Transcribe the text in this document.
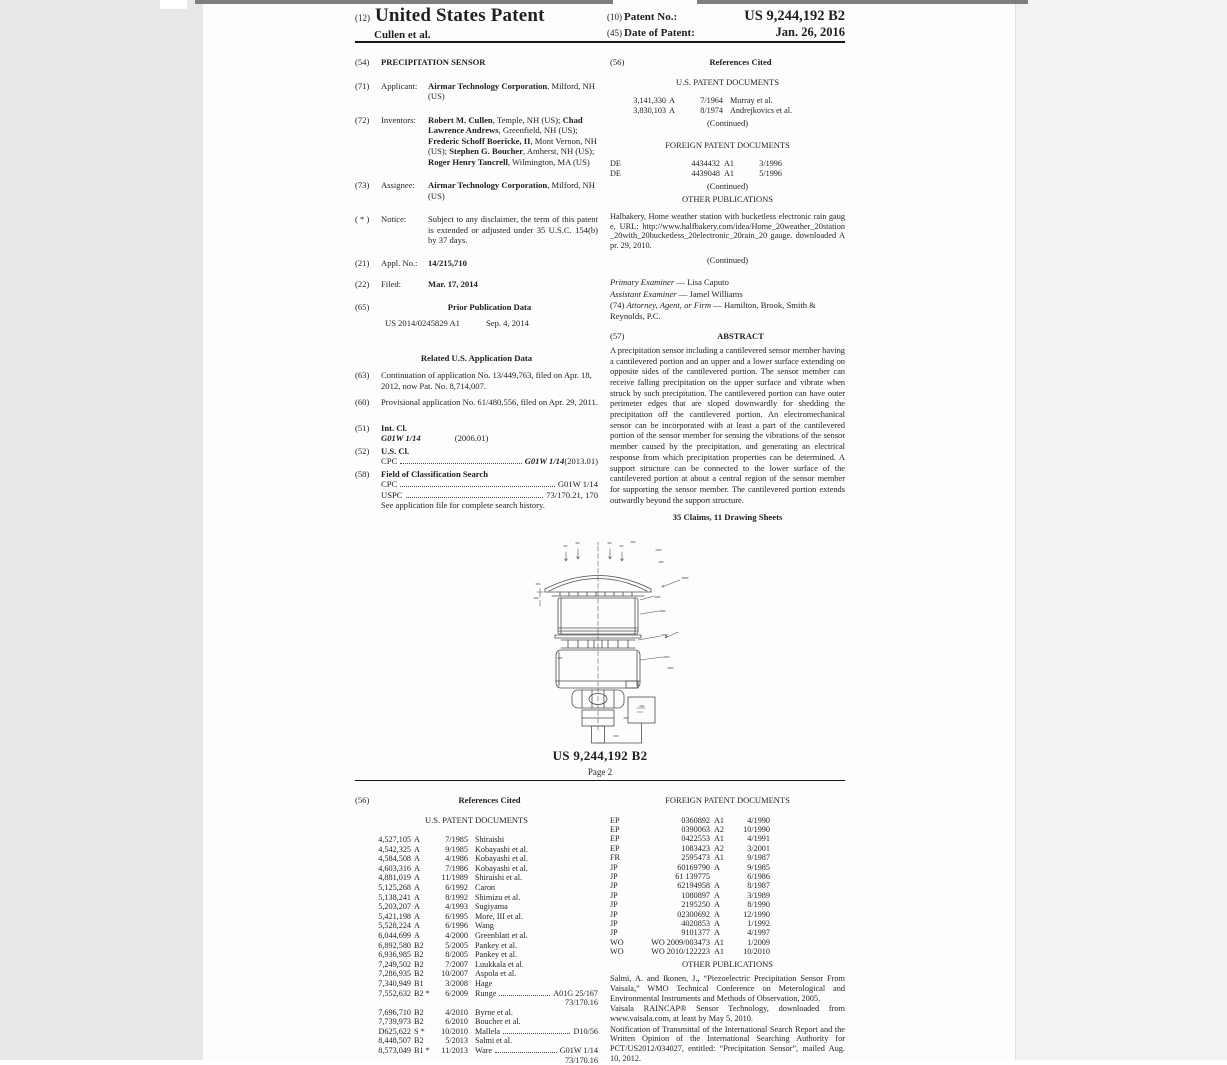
(12) United States Patent
Cullen et al.
(10) Patent No.:	US 9,244,192 B2
(45) Date of Patent:	Jan. 26, 2016
(54)	PRECIPITATION SENSOR
(71)	Applicant:	Airmar Technology Corporation, Milford, NH (US)
(72)	Inventors:	Robert M. Cullen, Temple, NH (US); Chad Lawrence Andrews, Greenfield, NH (US); Frederic Schoff Boericke, II, Mont Vernon, NH (US); Stephen G. Boucher, Amherst, NH (US); Roger Henry Tancrell, Wilmington, MA (US)
(73)	Assignee:	Airmar Technology Corporation, Milford, NH (US)
( * )	Notice:	Subject to any disclaimer, the term of this patent is extended or adjusted under 35 U.S.C. 154(b) by 37 days.
(21)	Appl. No.:	14/215,710
(22)	Filed:	Mar. 17, 2014
(65)	Prior Publication Data
US 2014/0245829 A1	Sep. 4, 2014
Related U.S. Application Data
(63)	Continuation of application No. 13/449,763, filed on Apr. 18, 2012, now Pat. No. 8,714,007.
(60)	Provisional application No. 61/480,556, filed on Apr. 29, 2011.
(51)	Int. Cl.
G01W 1/14	(2006.01)
(52)	U.S. Cl.
CPC	G01W 1/14 (2013.01)
(58)	Field of Classification Search
CPC	G01W 1/14
USPC	73/170.21, 170
See application file for complete search history.
(56)	References Cited
U.S. PATENT DOCUMENTS
3,141,330 A	7/1964 Murray et al.
3,830,103 A	8/1974 Andrejkovics et al.
(Continued)
FOREIGN PATENT DOCUMENTS
DE	4434432 A1	3/1996
DE	4439048 A1	5/1996
(Continued)
OTHER PUBLICATIONS
Halbakery, Home weather station with bucketless electronic rain gauge, URL: http://www.halfbakery.com/idea/Home_20weather_20station_20with_20bucketless_20electronic_20rain_20 gauge. downloaded Apr. 29, 2010.
(Continued)
Primary Examiner — Lisa Caputo
Assistant Examiner — Jamel Williams
(74) Attorney, Agent, or Firm — Hamilton, Brook, Smith & Reynolds, P.C.
(57)	ABSTRACT
A precipitation sensor including a cantilevered sensor member having a cantilevered portion and an upper and a lower surface extending on opposite sides of the cantilevered portion. The sensor member can receive falling precipitation on the upper surface and vibrate when struck by such precipitation. The cantilevered portion can have outer perimeter edges that are sloped downwardly for shedding the precipitation off the cantilevered portion. An electromechanical sensor can be incorporated with at least a part of the cantilevered portion of the sensor member for sensing the vibrations of the sensor member caused by the precipitation, and generating an electrical response from which precipitation properties can be determined. A support structure can be connected to the lower surface of the cantilevered portion at about a central region of the sensor member for supporting the sensor member. The cantilevered portion extends outwardly beyond the support structure.
35 Claims, 11 Drawing Sheets
US 9,244,192 B2
Page 2
(56)	References Cited
U.S. PATENT DOCUMENTS
4,527,105 A	7/1985 Shiraishi
4,542,325 A	9/1985 Kobayashi et al.
4,584,508 A	4/1986 Kobayashi et al.
4,603,316 A	7/1986 Kobayashi et al.
4,881,019 A	11/1989 Shiraishi et al.
5,125,268 A	6/1992 Caron
5,138,241 A	8/1992 Shimizu et al.
5,203,207 A	4/1993 Sugiyama
5,421,198 A	6/1995 More, III et al.
5,528,224 A	6/1996 Wang
6,044,699 A	4/2000 Greenblatt et al.
6,892,580 B2	5/2005 Pankey et al.
6,936,985 B2	8/2005 Pankey et al.
7,249,502 B2	7/2007 Luukkala et al.
7,286,935 B2	10/2007 Aspola et al.
7,340,949 B1	3/2008 Hage
7,552,632 B2 *	6/2009 Runge	A01G 25/167
73/170.16
7,696,710 B2	4/2010 Byrne et al.
7,739,973 B2	6/2010 Boucher et al.
D625,622 S *	10/2010 Mallela	D10/56
8,448,507 B2	5/2013 Salmi et al.
8,573,049 B1 *	11/2013 Ware	G01W 1/14
73/170.16
FOREIGN PATENT DOCUMENTS
EP	0360892 A1	4/1990
EP	0390063 A2	10/1990
EP	0422553 A1	4/1991
EP	1083423 A2	3/2001
FR	2595473 A1	9/1987
JP	60169790 A	9/1985
JP	61 139775	6/1986
JP	62194958 A	8/1987
JP	1080897 A	3/1989
JP	2195250 A	8/1990
JP	02300692 A	12/1990
JP	4020853 A	1/1992
JP	9101377 A	4/1997
WO	WO 2009/003473 A1	1/2009
WO	WO 2010/122223 A1	10/2010
OTHER PUBLICATIONS
Salmi, A. and Ikonen, J., “Piezoelectric Precipitation Sensor From Vaisala,” WMO Technical Conference on Meterological and Environmental Instruments and Methods of Observation, 2005.
Vaisala RAINCAP® Sensor Technology, downloaded from www.vaisala.com, at least by May 5, 2010.
Notification of Transmittal of the International Search Report and the Written Opinion of the International Searching Authority for PCT/US2012/034027, entitled: “Precipitation Sensor”, mailed Aug. 10, 2012.
